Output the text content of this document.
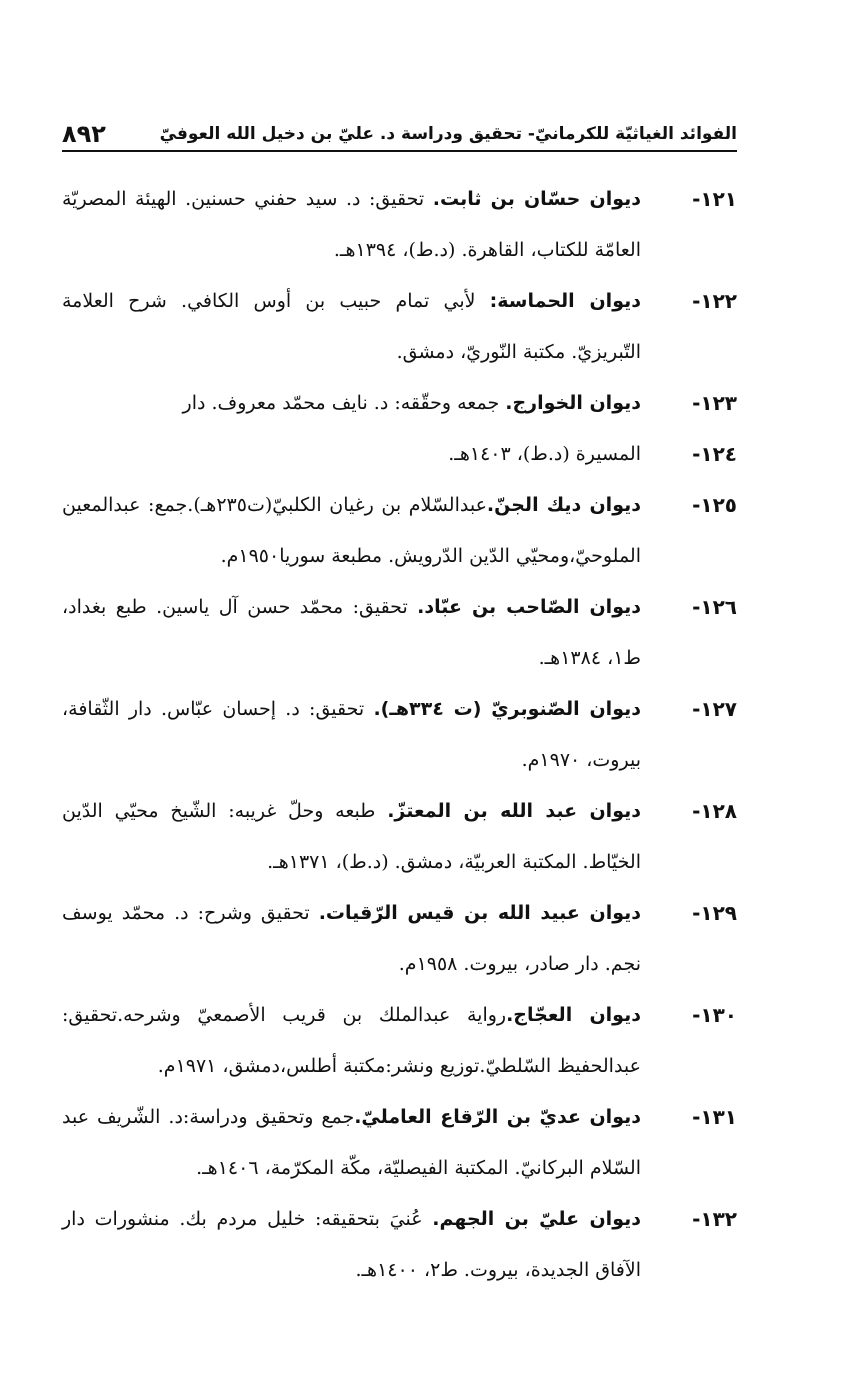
الفوائد الغياثيّة للكرمانيّ- تحقيق ودراسة د. عليّ بن دخيل الله العوفيّ
٨٩٢
١٢١-
ديوان حسّان بن ثابت. تحقيق: د. سيد حفني حسنين. الهيئة المصريّة العامّة للكتاب، القاهرة. (د.ط)، ١٣٩٤هـ.
١٢٢-
ديوان الحماسة: لأبي تمام حبيب بن أوس الكافي. شرح العلامة التّبريزيّ. مكتبة النّوريّ، دمشق.
١٢٣-
ديوان الخوارج. جمعه وحقّقه: د. نايف محمّد معروف. دار
١٢٤-
المسيرة (د.ط)، ١٤٠٣هـ.
١٢٥-
ديوان ديك الجنّ.عبدالسّلام بن رغيان الكلبيّ(ت٢٣٥هـ).جمع: عبدالمعين الملوحيّ،ومحيّي الدّين الدّرويش. مطبعة سوريا١٩٥٠م.
١٢٦-
ديوان الصّاحب بن عبّاد. تحقيق: محمّد حسن آل ياسين. طبع بغداد، ط١، ١٣٨٤هـ.
١٢٧-
ديوان الصّنوبريّ (ت ٣٣٤هـ). تحقيق: د. إحسان عبّاس. دار الثّقافة، بيروت، ١٩٧٠م.
١٢٨-
ديوان عبد الله بن المعتزّ. طبعه وحلّ غريبه: الشّيخ محيّي الدّين الخيّاط. المكتبة العربيّة، دمشق. (د.ط)، ١٣٧١هـ.
١٢٩-
ديوان عبيد الله بن قيس الرّقيات. تحقيق وشرح: د. محمّد يوسف نجم. دار صادر، بيروت. ١٩٥٨م.
١٣٠-
ديوان العجّاج.رواية عبدالملك بن قريب الأصمعيّ وشرحه.تحقيق: عبدالحفيظ السّلطيّ.توزيع ونشر:مكتبة أطلس،دمشق، ١٩٧١م.
١٣١-
ديوان عديّ بن الرّقاع العامليّ.جمع وتحقيق ودراسة:د. الشّريف عبد السّلام البركانيّ. المكتبة الفيصليّة، مكّة المكرّمة، ١٤٠٦هـ.
١٣٢-
ديوان عليّ بن الجهم. عُنيَ بتحقيقه: خليل مردم بك. منشورات دار الآفاق الجديدة، بيروت. ط٢، ١٤٠٠هـ.
